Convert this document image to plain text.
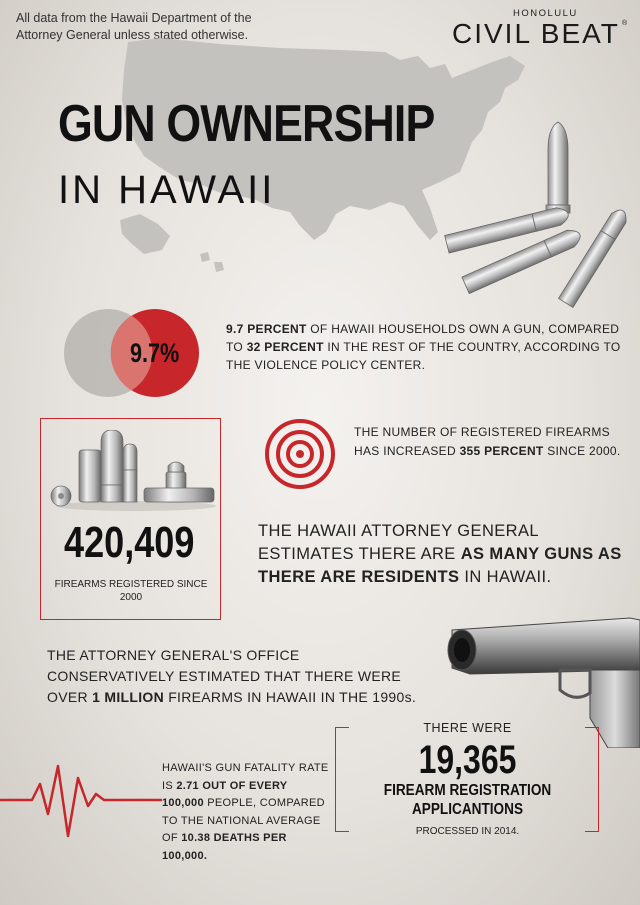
All data from the Hawaii Department of the Attorney General unless stated otherwise.
HONOLULU
CIVIL BEAT ®
GUN OWNERSHIP
IN HAWAII
9.7%
9.7 PERCENT OF HAWAII HOUSEHOLDS OWN A GUN, COMPARED TO 32 PERCENT IN THE REST OF THE COUNTRY, ACCORDING TO THE VIOLENCE POLICY CENTER.
420,409
FIREARMS REGISTERED SINCE 2000
THE NUMBER OF REGISTERED FIREARMS HAS INCREASED 355 PERCENT SINCE 2000.
THE HAWAII ATTORNEY GENERAL ESTIMATES THERE ARE AS MANY GUNS AS THERE ARE RESIDENTS IN HAWAII.
THE ATTORNEY GENERAL'S OFFICE CONSERVATIVELY ESTIMATED THAT THERE WERE OVER 1 MILLION FIREARMS IN HAWAII IN THE 1990s.
HAWAII'S GUN FATALITY RATE IS 2.71 OUT OF EVERY 100,000 PEOPLE, COMPARED TO THE NATIONAL AVERAGE OF 10.38 DEATHS PER 100,000.
THERE WERE
19,365
FIREARM REGISTRATION APPLICANTIONS
PROCESSED IN 2014.
